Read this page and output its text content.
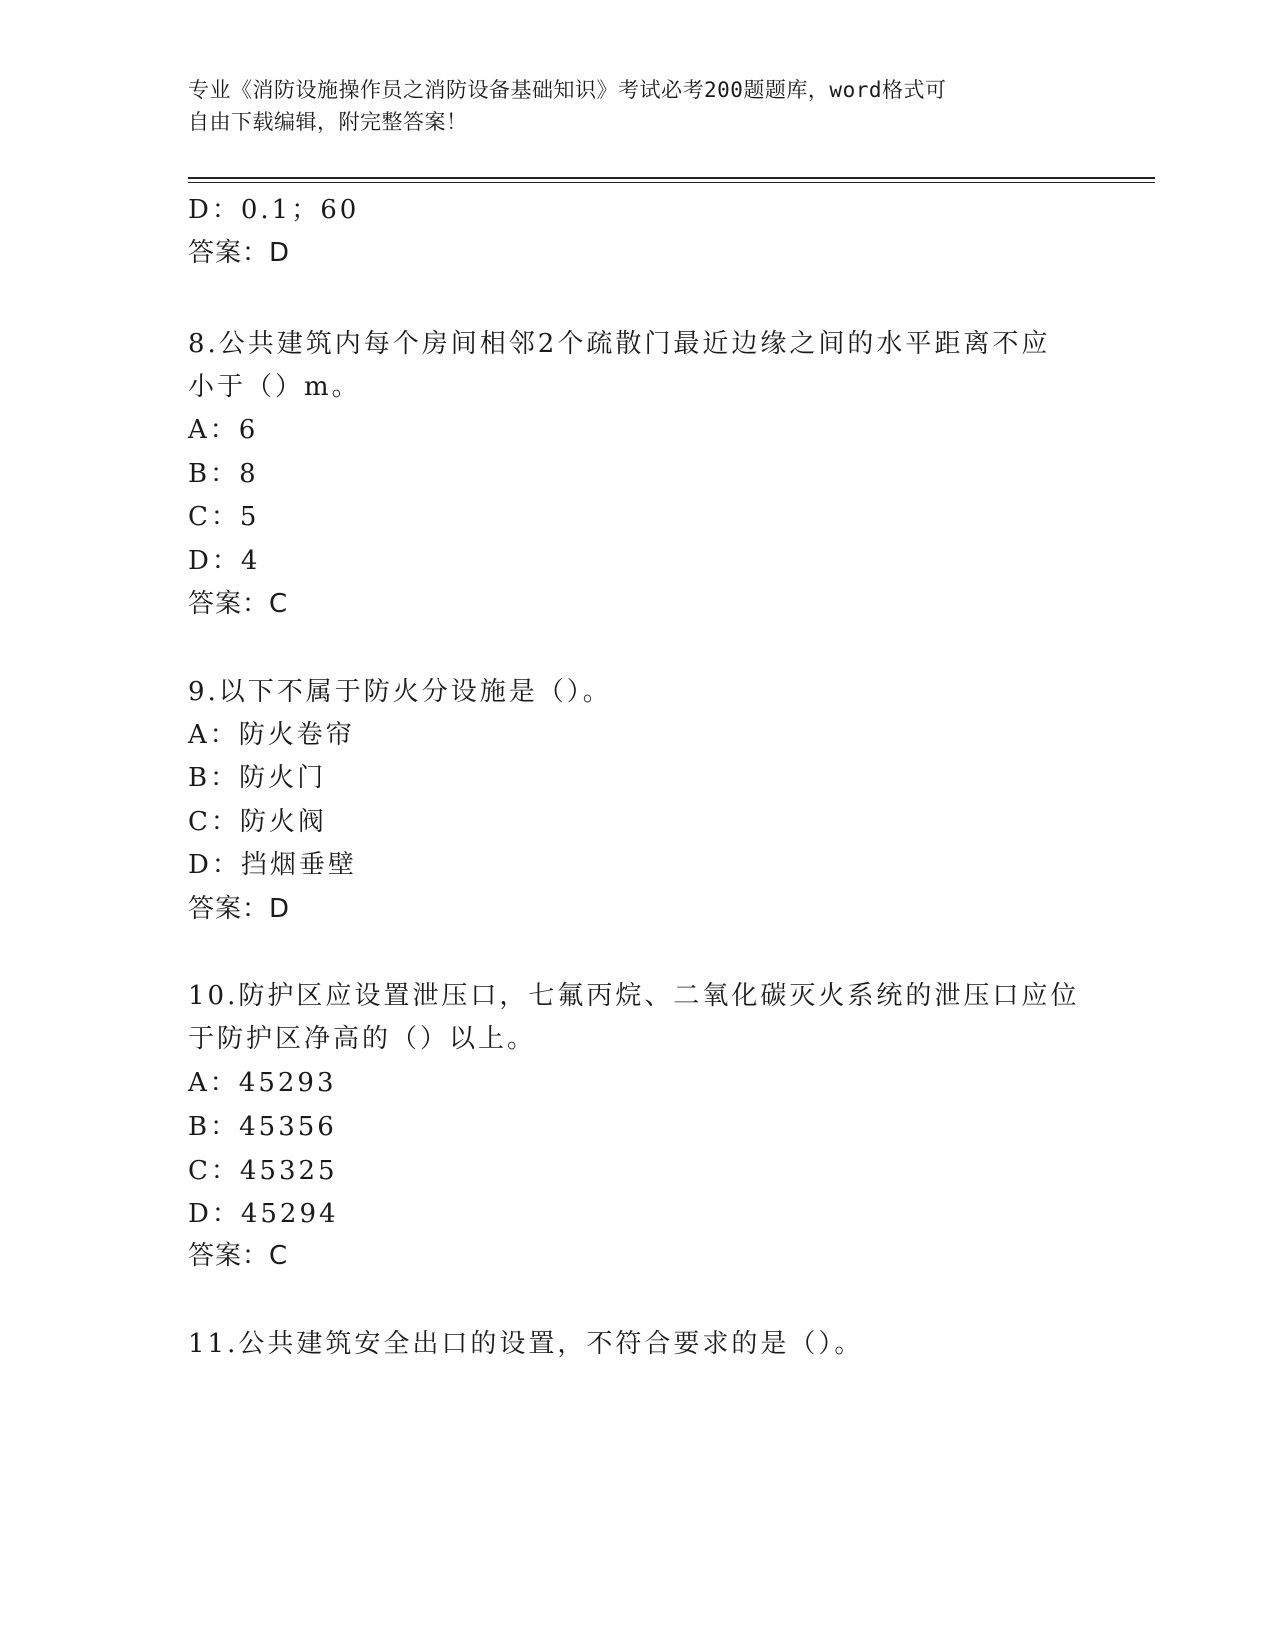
专业《消防设施操作员之消防设备基础知识》考试必考200题题库，word格式可
自由下载编辑，附完整答案！
D：0.1；60
答案：D
8.公共建筑内每个房间相邻2个疏散门最近边缘之间的水平距离不应
小于（）m。
A：6
B：8
C：5
D：4
答案：C
9.以下不属于防火分设施是（）。
A：防火卷帘
B：防火门
C：防火阀
D：挡烟垂壁
答案：D
10.防护区应设置泄压口，七氟丙烷、二氧化碳灭火系统的泄压口应位
于防护区净高的（）以上。
A：45293
B：45356
C：45325
D：45294
答案：C
11.公共建筑安全出口的设置，不符合要求的是（）。
